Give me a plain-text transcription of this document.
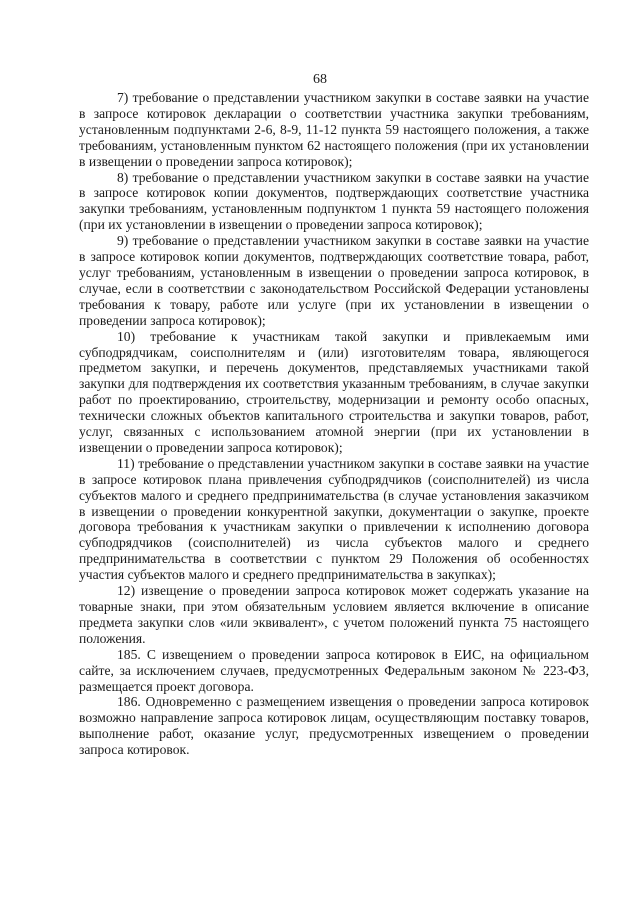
68

7) требование о представлении участником закупки в составе заявки на участие в запросе котировок декларации о соответствии участника закупки требованиям, установленным подпунктами 2-6, 8-9, 11-12 пункта 59 настоящего положения, а также требованиям, установленным пунктом 62 настоящего положения (при их установлении в извещении о проведении запроса котировок);

8) требование о представлении участником закупки в составе заявки на участие в запросе котировок копии документов, подтверждающих соответствие участника закупки требованиям, установленным подпунктом 1 пункта 59 настоящего положения (при их установлении в извещении о проведении запроса котировок);

9) требование о представлении участником закупки в составе заявки на участие в запросе котировок копии документов, подтверждающих соответствие товара, работ, услуг требованиям, установленным в извещении о проведении запроса котировок, в случае, если в соответствии с законодательством Российской Федерации установлены требования к товару, работе или услуге (при их установлении в извещении о проведении запроса котировок);

10) требование к участникам такой закупки и привлекаемым ими субподрядчикам, соисполнителям и (или) изготовителям товара, являющегося предметом закупки, и перечень документов, представляемых участниками такой закупки для подтверждения их соответствия указанным требованиям, в случае закупки работ по проектированию, строительству, модернизации и ремонту особо опасных, технически сложных объектов капитального строительства и закупки товаров, работ, услуг, связанных с использованием атомной энергии (при их установлении в извещении о проведении запроса котировок);

11) требование о представлении участником закупки в составе заявки на участие в запросе котировок плана привлечения субподрядчиков (соисполнителей) из числа субъектов малого и среднего предпринимательства (в случае установления заказчиком в извещении о проведении конкурентной закупки, документации о закупке, проекте договора требования к участникам закупки о привлечении к исполнению договора субподрядчиков (соисполнителей) из числа субъектов малого и среднего предпринимательства в соответствии с пунктом 29 Положения об особенностях участия субъектов малого и среднего предпринимательства в закупках);

12) извещение о проведении запроса котировок может содержать указание на товарные знаки, при этом обязательным условием является включение в описание предмета закупки слов «или эквивалент», с учетом положений пункта 75 настоящего положения.

185. С извещением о проведении запроса котировок в ЕИС, на официальном сайте, за исключением случаев, предусмотренных Федеральным законом № 223-ФЗ, размещается проект договора.

186. Одновременно с размещением извещения о проведении запроса котировок возможно направление запроса котировок лицам, осуществляющим поставку товаров, выполнение работ, оказание услуг, предусмотренных извещением о проведении запроса котировок.
